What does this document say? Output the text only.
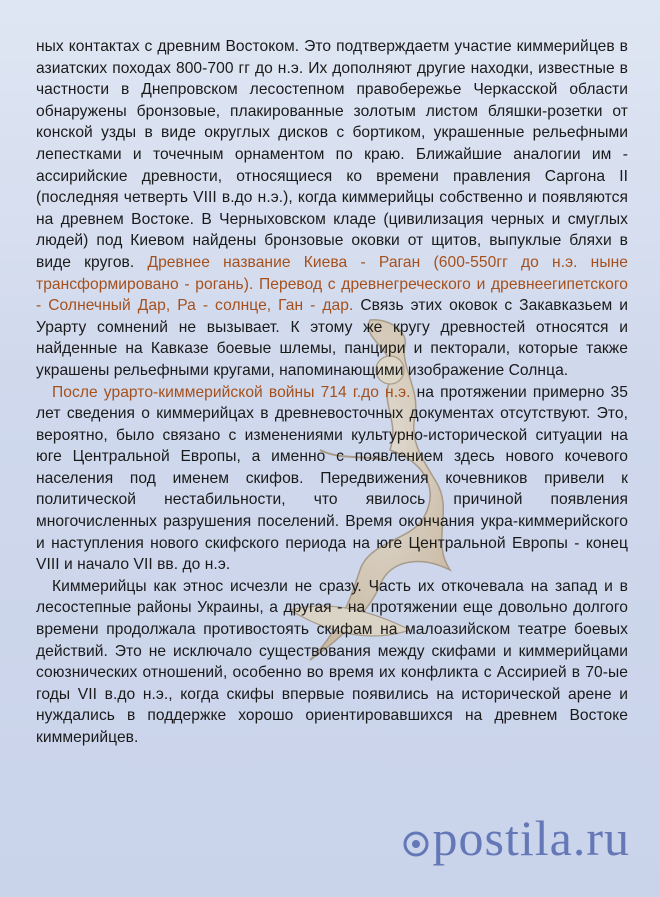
ных контактах с древним Востоком. Это подтверждаетм участие киммерийцев в азиатских походах 800-700 гг до н.э. Их дополняют другие находки, известные в частности в Днепровском лесостепном правобережье Черкасской области обнаружены бронзовые, плакированные золотым листом бляшки-розетки от конской узды в виде округлых дисков с бортиком, украшенные рельефными лепестками и точечным орнаментом по краю. Ближайшие аналогии им - ассирийские древности, относящиеся ко времени правления Саргона II (последняя четверть VIII в.до н.э.), когда киммерийцы собственно и появляются на древнем Востоке. В Черныховском кладе (цивилизация черных и смуглых людей) под Киевом найдены бронзовые оковки от щитов, выпуклые бляхи в виде кругов. Древнее название Киева - Раган (600-550гг до н.э. ныне трансформировано - рогань). Перевод с древнегреческого и древнеегипетского - Солнечный Дар, Ра - солнце, Ган - дар. Связь этих оковок с Закавказьем и Урарту сомнений не вызывает. К этому же кругу древностей относятся и найденные на Кавказе боевые шлемы, панцири и пекторали, которые также украшены рельефными кругами, напоминающими изображение Солнца.

После урарто-киммерийской войны 714 г.до н.э. на протяжении примерно 35 лет сведения о киммерийцах в древневосточных документах отсутствуют. Это, вероятно, было связано с изменениями культурно-исторической ситуации на юге Центральной Европы, а именно с появлением здесь нового кочевого населения под именем скифов. Передвижения кочевников привели к политической нестабильности, что явилось причиной появления многочисленных разрушения поселений. Время окончания укра-киммерийского и наступления нового скифского периода на юге Центральной Европы - конец VIII и начало VII вв. до н.э.

Киммерийцы как этнос исчезли не сразу. Часть их откочевала на запад и в лесостепные районы Украины, а другая - на протяжении еще довольно долгого времени продолжала противостоять скифам на малоазийском театре боевых действий. Это не исключало существования между скифами и киммерийцами союзнических отношений, особенно во время их конфликта с Ассирией в 70-ые годы VII в.до н.э., когда скифы впервые появились на исторической арене и нуждались в поддержке хорошо ориентировавшихся на древнем Востоке киммерийцев.

postila.ru
